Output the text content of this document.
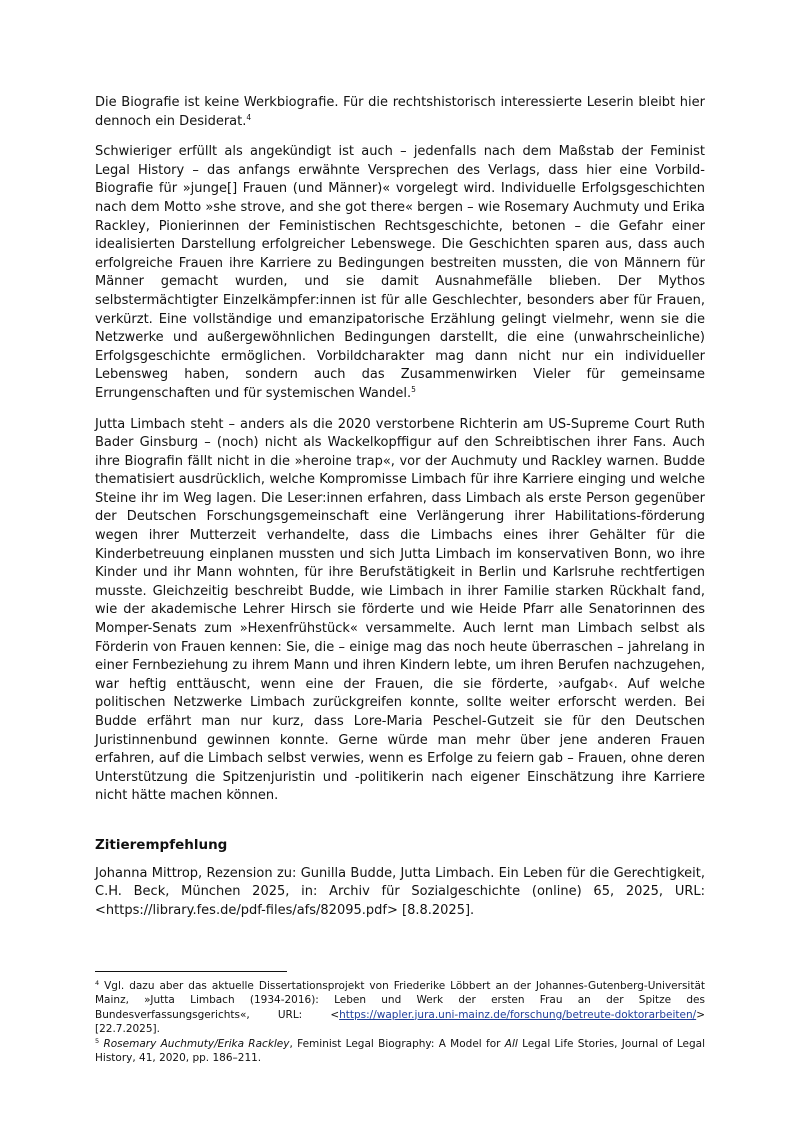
Die Biografie ist keine Werkbiografie. Für die rechtshistorisch interessierte Leserin bleibt hier dennoch ein Desiderat.$^4$

Schwieriger erfüllt als angekündigt ist auch – jedenfalls nach dem Maßstab der Feminist Legal History – das anfangs erwähnte Versprechen des Verlags, dass hier eine Vorbild-Biografie für »junge[] Frauen (und Männer)« vorgelegt wird. Individuelle Erfolgsgeschichten nach dem Motto »she strove, and she got there« bergen – wie Rosemary Auchmuty und Erika Rackley, Pionierinnen der Feministischen Rechtsgeschichte, betonen – die Gefahr einer idealisierten Darstellung erfolgreicher Lebenswege. Die Geschichten sparen aus, dass auch erfolgreiche Frauen ihre Karriere zu Bedingungen bestreiten mussten, die von Männern für Männer gemacht wurden, und sie damit Ausnahmefälle blieben. Der Mythos selbstermächtigter Einzelkämpfer:innen ist für alle Geschlechter, besonders aber für Frauen, verkürzt. Eine vollständige und emanzipatorische Erzählung gelingt vielmehr, wenn sie die Netzwerke und außergewöhnlichen Bedingungen darstellt, die eine (unwahrscheinliche) Erfolgsgeschichte ermöglichen. Vorbildcharakter mag dann nicht nur ein individueller Lebensweg haben, sondern auch das Zusammenwirken Vieler für gemeinsame Errungenschaften und für systemischen Wandel.$^5$

Jutta Limbach steht – anders als die 2020 verstorbene Richterin am US-Supreme Court Ruth Bader Ginsburg – (noch) nicht als Wackelkopffigur auf den Schreibtischen ihrer Fans. Auch ihre Biografin fällt nicht in die »heroine trap«, vor der Auchmuty und Rackley warnen. Budde thematisiert ausdrücklich, welche Kompromisse Limbach für ihre Karriere einging und welche Steine ihr im Weg lagen. Die Leser:innen erfahren, dass Limbach als erste Person gegenüber der Deutschen Forschungsgemeinschaft eine Verlängerung ihrer Habilitations-förderung wegen ihrer Mutterzeit verhandelte, dass die Limbachs eines ihrer Gehälter für die Kinderbetreuung einplanen mussten und sich Jutta Limbach im konservativen Bonn, wo ihre Kinder und ihr Mann wohnten, für ihre Berufstätigkeit in Berlin und Karlsruhe rechtfertigen musste. Gleichzeitig beschreibt Budde, wie Limbach in ihrer Familie starken Rückhalt fand, wie der akademische Lehrer Hirsch sie förderte und wie Heide Pfarr alle Senatorinnen des Momper-Senats zum »Hexenfrühstück« versammelte. Auch lernt man Limbach selbst als Förderin von Frauen kennen: Sie, die – einige mag das noch heute überraschen – jahrelang in einer Fernbeziehung zu ihrem Mann und ihren Kindern lebte, um ihren Berufen nachzugehen, war heftig enttäuscht, wenn eine der Frauen, die sie förderte, ›aufgab‹. Auf welche politischen Netzwerke Limbach zurückgreifen konnte, sollte weiter erforscht werden. Bei Budde erfährt man nur kurz, dass Lore-Maria Peschel-Gutzeit sie für den Deutschen Juristinnenbund gewinnen konnte. Gerne würde man mehr über jene anderen Frauen erfahren, auf die Limbach selbst verwies, wenn es Erfolge zu feiern gab – Frauen, ohne deren Unterstützung die Spitzenjuristin und -politikerin nach eigener Einschätzung ihre Karriere nicht hätte machen können.

Zitierempfehlung

Johanna Mittrop, Rezension zu: Gunilla Budde, Jutta Limbach. Ein Leben für die Gerechtigkeit, C.H. Beck, München 2025, in: Archiv für Sozialgeschichte (online) 65, 2025, URL: <https://library.fes.de/pdf-files/afs/82095.pdf> [8.8.2025].

$^4$ Vgl. dazu aber das aktuelle Dissertationsprojekt von Friederike Löbbert an der Johannes-Gutenberg-Universität Mainz, »Jutta Limbach (1934-2016): Leben und Werk der ersten Frau an der Spitze des Bundesverfassungsgerichts«, URL: <https://wapler.jura.uni-mainz.de/forschung/betreute-doktorarbeiten/> [22.7.2025].

$^5$ Rosemary Auchmuty/Erika Rackley, Feminist Legal Biography: A Model for All Legal Life Stories, Journal of Legal History, 41, 2020, pp. 186–211.
